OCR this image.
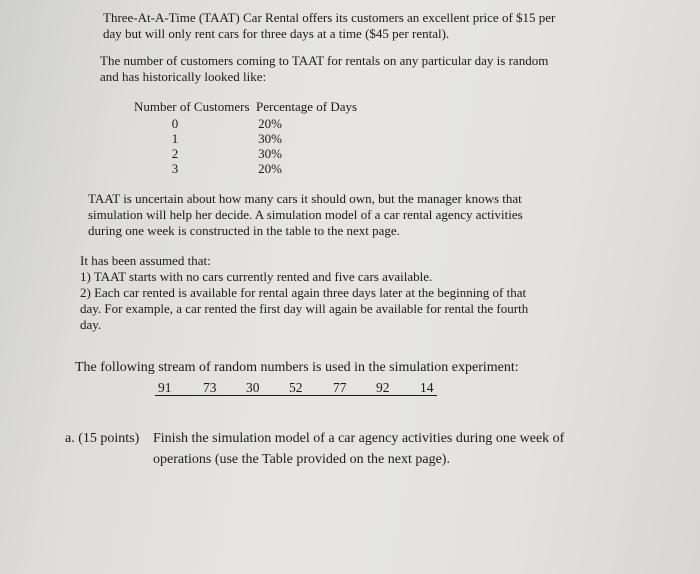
Three-At-A-Time (TAAT) Car Rental offers its customers an excellent price of $15 per
day but will only rent cars for three days at a time ($45 per rental).
The number of customers coming to TAAT for rentals on any particular day is random
and has historically looked like:
Number of Customers Percentage of Days
0	20%
1	30%
2	30%
3	20%
TAAT is uncertain about how many cars it should own, but the manager knows that
simulation will help her decide. A simulation model of a car rental agency activities
during one week is constructed in the table to the next page.
It has been assumed that:
1) TAAT starts with no cars currently rented and five cars available.
2) Each car rented is available for rental again three days later at the beginning of that
day. For example, a car rented the first day will again be available for rental the fourth
day.
The following stream of random numbers is used in the simulation experiment:
91 73 30 52 77 92 14
a. (15 points) Finish the simulation model of a car agency activities during one week of
operations (use the Table provided on the next page).
